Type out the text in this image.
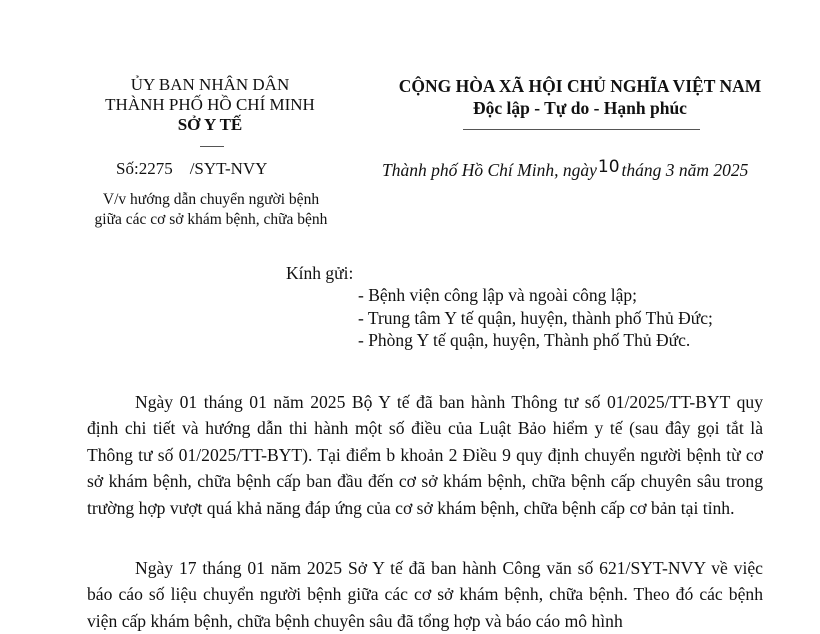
ỦY BAN NHÂN DÂN
THÀNH PHỐ HỒ CHÍ MINH
SỞ Y TẾ
Số:2275 /SYT-NVY
V/v hướng dẫn chuyển người bệnh
giữa các cơ sở khám bệnh, chữa bệnh
CỘNG HÒA XÃ HỘI CHỦ NGHĨA VIỆT NAM
Độc lập - Tự do - Hạnh phúc
Thành phố Hồ Chí Minh, ngày10 tháng 3 năm 2025
Kính gửi:
- Bệnh viện công lập và ngoài công lập;
- Trung tâm Y tế quận, huyện, thành phố Thủ Đức;
- Phòng Y tế quận, huyện, Thành phố Thủ Đức.

Ngày 01 tháng 01 năm 2025 Bộ Y tế đã ban hành Thông tư số 01/2025/TT-BYT quy định chi tiết và hướng dẫn thi hành một số điều của Luật Bảo hiểm y tế (sau đây gọi tắt là Thông tư số 01/2025/TT-BYT). Tại điểm b khoản 2 Điều 9 quy định chuyển người bệnh từ cơ sở khám bệnh, chữa bệnh cấp ban đầu đến cơ sở khám bệnh, chữa bệnh cấp chuyên sâu trong trường hợp vượt quá khả năng đáp ứng của cơ sở khám bệnh, chữa bệnh cấp cơ bản tại tỉnh.

Ngày 17 tháng 01 năm 2025 Sở Y tế đã ban hành Công văn số 621/SYT-NVY về việc báo cáo số liệu chuyển người bệnh giữa các cơ sở khám bệnh, chữa bệnh. Theo đó các bệnh viện cấp khám bệnh, chữa bệnh chuyên sâu đã tổng hợp và báo cáo mô hình
